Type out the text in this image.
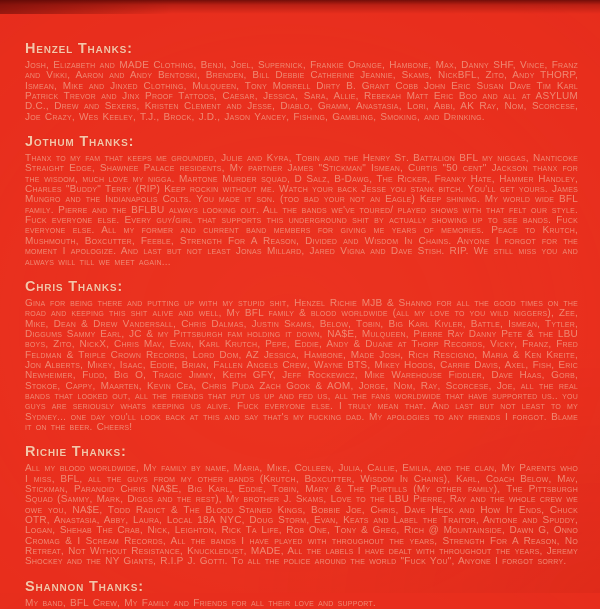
Henzel Thanks:
Josh, Elizabeth and MADE Clothing, Benji, Joel, Supernick, Frankie Orange, Hambone, Max, Danny SHF, Vince, Franz and Vikki, Aaron and Andy Bentoski, Brenden, Bill Debbie Catherine Jeannie, Skams, NickBFL, Zito, Andy THORP, Ismean, Mike and Jinxed Clothing, Mulqueen, Tony Morrell Dirty B. Grant Cobb John Eric Susan Dave Tim Karl Patrick Trevor and Jinx Proof Tattoos, Caesar, Jessica, Sara, Allie, Rebekah Matt Eric Boo and all at ASYLUM D.C., Drew and Sexers, Kristen Clement and Jesse, Diablo, Gramm, Anastasia, Lori, Abbi, AK Ray, Nom, Scorcese, Joe Crazy, Wes Keeley, T.J., Brock, J.D., Jason Yancey, Fishing, Gambling, Smoking, and Drinking.
Jothum Thanks:
Thanx to my fam that keeps me grounded, Julie and Kyra, Tobin and the Henry St. Battalion BFL my niggas, Nanticoke Straight Edge, Shawnee Palace residents, My partner James "Stickman" Ismean, Curtis "50 cent" Jackson thanx for the wisdom, much love my nigga. Martone Murder squad, D Salz, B-Dawg, The Ricker, Franky Hate, Hammer Handley, Charles "Buddy" Terry (RIP) Keep rockin without me. Watch your back Jesse you stank bitch. You'll get yours. James Mungro and the Indianapolis Colts. You made it son. (too bad your not an Eagle) Keep shining. My world wide BFL family. Pierre and the BFLBU always looking out. All the bands we've toured/ played shows with that felt our style. Fuck everyone else. Every guy/girl that supports this underground shit by actually showing up to see bands. Fuck everyone else. All my former and current band members for giving me years of memories. Peace to Krutch, Mushmouth, Boxcutter, Feeble, Strength For A Reason, Divided and Wisdom In Chains. Anyone I forgot for the moment I apologize. And last but not least Jonas Millard, Jared Vigna and Dave Stish. RIP. We still miss you and always will till we meet again...
Chris Thanks:
Gina for being there and putting up with my stupid shit, Henzel Richie MJB & Shanno for all the good times on the road and keeping this shit alive and well, My BFL family & blood worldwide (all my love to you wild niggers), Zee, Mike, Dean & Drew Vandersall, Chris Dalmas, Justin Skams, Below, Tobin, Big Karl Kivler, Battle, Ismean, Tytler, Diggums Sammy Earl, JC & my Pittsburgh fam holding it down, NA$E, Mulqueen, Pierre Ray Danny Pete & the LBU boys, Zito, NickX, Chris Mav, Evan, Karl Krutch, Pepe, Eddie, Andy & Duane at Thorp Records, Vicky, Franz, Fred Feldman & Triple Crown Records, Lord Dom, AZ Jessica, Hambone, Made Josh, Rich Rescigno, Maria & Ken Kreite, Jon Alberts, Mikey, Isaac, Eddie, Brian, Fallen Angels Crew, Wayne BTS, Mikey Hoods, Carrie Davis, Axel, Fish, Eric Newheimer, Fudd, Big O, Tragic Jimmy, Keith GFY, Jeff Rockewicz, Mike Warehouse Fiddler, Dave Haas, Gorb, Stokoe, Cappy, Maarten, Kevin Cea, Chris Puda Zach Gook & AOM, Jorge, Nom, Ray, Scorcese, Joe, all the real bands that looked out, all the friends that put us up and fed us, all the fans worldwide that have supported us.. you guys are seriously whats keeping us alive. Fuck everyone else. I truly mean that. And last but not least to my Sydney... one day you'll look back at this and say that's my fucking dad. My apologies to any friends I forgot. Blame it on the beer. Cheers!
Richie Thanks:
All my blood worldwide, My family by name, Maria, Mike, Colleen, Julia, Callie, Emilia, and the clan, My Parents who I miss, BFL, all the guys from my other bands (Krutch, Boxcutter, Wisdom In Chains), Karl, Coach Below, Mav, Stickman, Paranoid Chris NA$E, Big Karl, Eddie, Tobin, Mary & The Purtills (My other family), The Pittsburgh Squad (Sammy, Mark, Diggs and the rest), My brother J. Skams, Love to the LBU Pierre, Ray and the whole crew we owe you, NA$E, Todd Radict & The Blood Stained Kings, Bobbie Joe, Chris, Dave Heck and How It Ends, Chuck OTR, Anastasia, Abby, Laura, Local 18A NYC, Doug Storm, Evan, Keats and Label the Traitor, Antione and Spuddy, Logan, Shehab The Crab, Nick, Leighton, Rick Ta Life, Rob One, Tony & Greg, Rich @ Mountainside, Dawn G, Onno Cromag & I Scream Records, All the bands I have played with throughout the years, Strength For A Reason, No Retreat, Not Without Resistance, Knuckledust, MADE, All the labels I have dealt with throughout the years, Jeremy Shockey and the NY Giants, R.I.P J. Gotti. To all the police around the world "Fuck You", Anyone I forgot sorry.
Shannon Thanks:
My band, BFL Crew, My Family and Friends for all their love and support.
